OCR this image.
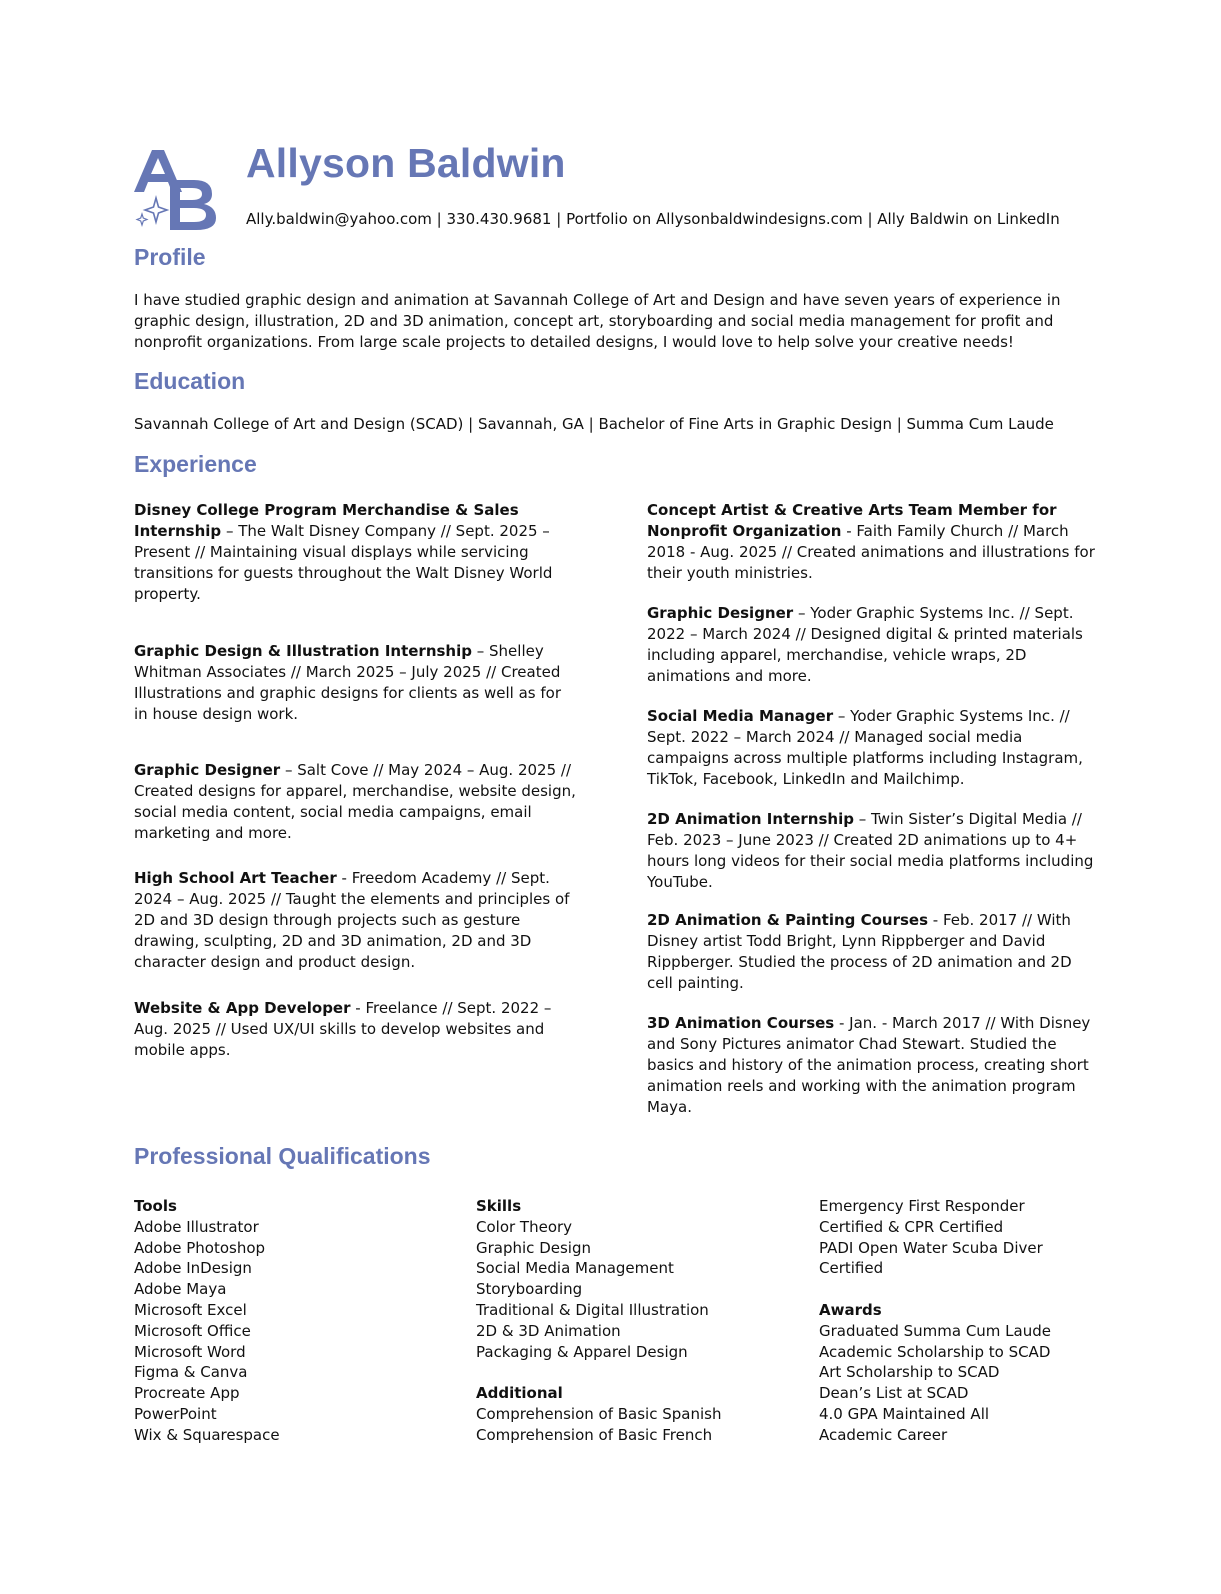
Allyson Baldwin
Ally.baldwin@yahoo.com | 330.430.9681 | Portfolio on Allysonbaldwindesigns.com | Ally Baldwin on LinkedIn
Profile

I have studied graphic design and animation at Savannah College of Art and Design and have seven years of experience in graphic design, illustration, 2D and 3D animation, concept art, storyboarding and social media management for profit and nonprofit organizations. From large scale projects to detailed designs, I would love to help solve your creative needs!

Education

Savannah College of Art and Design (SCAD) | Savannah, GA | Bachelor of Fine Arts in Graphic Design | Summa Cum Laude

Experience

Disney College Program Merchandise & Sales Internship – The Walt Disney Company // Sept. 2025 – Present // Maintaining visual displays while servicing transitions for guests throughout the Walt Disney World property.

Graphic Design & Illustration Internship – Shelley Whitman Associates // March 2025 – July 2025 // Created Illustrations and graphic designs for clients as well as for in house design work.

Graphic Designer – Salt Cove // May 2024 – Aug. 2025 // Created designs for apparel, merchandise, website design, social media content, social media campaigns, email marketing and more.

High School Art Teacher - Freedom Academy // Sept. 2024 – Aug. 2025 // Taught the elements and principles of 2D and 3D design through projects such as gesture drawing, sculpting, 2D and 3D animation, 2D and 3D character design and product design.

Website & App Developer - Freelance // Sept. 2022 – Aug. 2025 // Used UX/UI skills to develop websites and mobile apps.

Concept Artist & Creative Arts Team Member for Nonprofit Organization - Faith Family Church // March 2018 - Aug. 2025 // Created animations and illustrations for their youth ministries.

Graphic Designer – Yoder Graphic Systems Inc. // Sept. 2022 – March 2024 // Designed digital & printed materials including apparel, merchandise, vehicle wraps, 2D animations and more.

Social Media Manager – Yoder Graphic Systems Inc. // Sept. 2022 – March 2024 // Managed social media campaigns across multiple platforms including Instagram, TikTok, Facebook, LinkedIn and Mailchimp.

2D Animation Internship – Twin Sister’s Digital Media // Feb. 2023 – June 2023 // Created 2D animations up to 4+ hours long videos for their social media platforms including YouTube.

2D Animation & Painting Courses - Feb. 2017 // With Disney artist Todd Bright, Lynn Rippberger and David Rippberger. Studied the process of 2D animation and 2D cell painting.

3D Animation Courses - Jan. - March 2017 // With Disney and Sony Pictures animator Chad Stewart. Studied the basics and history of the animation process, creating short animation reels and working with the animation program Maya.

Professional Qualifications
Tools
Adobe Illustrator
Adobe Photoshop
Adobe InDesign
Adobe Maya
Microsoft Excel
Microsoft Office
Microsoft Word
Figma & Canva
Procreate App
PowerPoint
Wix & Squarespace
Skills
Color Theory
Graphic Design
Social Media Management
Storyboarding
Traditional & Digital Illustration
2D & 3D Animation
Packaging & Apparel Design
Additional
Comprehension of Basic Spanish
Comprehension of Basic French
Emergency First Responder
Certified & CPR Certified
PADI Open Water Scuba Diver
Certified
Awards
Graduated Summa Cum Laude
Academic Scholarship to SCAD
Art Scholarship to SCAD
Dean’s List at SCAD
4.0 GPA Maintained All
Academic Career
